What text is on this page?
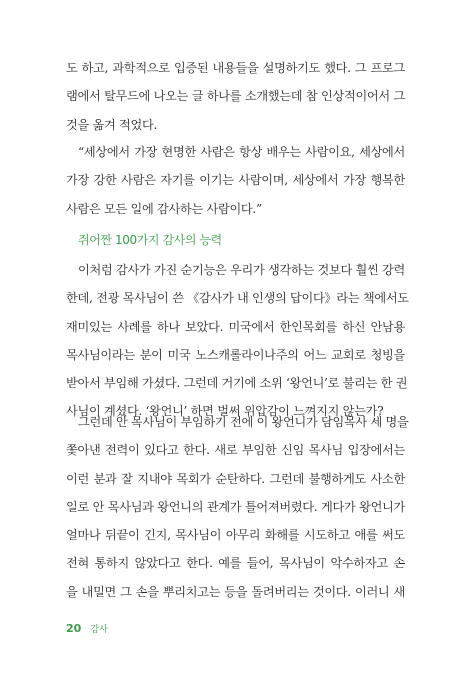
도 하고, 과학적으로 입증된 내용들을 설명하기도 했다. 그 프로그
램에서 탈무드에 나오는 글 하나를 소개했는데 참 인상적이어서 그
것을 옮겨 적었다.
“세상에서 가장 현명한 사람은 항상 배우는 사람이요, 세상에서
가장 강한 사람은 자기를 이기는 사람이며, 세상에서 가장 행복한
사람은 모든 일에 감사하는 사람이다.”
쥐어짠 100가지 감사의 능력
이처럼 감사가 가진 순기능은 우리가 생각하는 것보다 훨씬 강력
한데, 전광 목사님이 쓴 《감사가 내 인생의 답이다》라는 책에서도
재미있는 사례를 하나 보았다. 미국에서 한인목회를 하신 안남용
목사님이라는 분이 미국 노스캐롤라이나주의 어느 교회로 청빙을
받아서 부임해 가셨다. 그런데 거기에 소위 ‘왕언니’로 불리는 한 권
사님이 계셨다. ‘왕언니’ 하면 벌써 위압감이 느껴지지 않는가?
그런데 안 목사님이 부임하기 전에 이 왕언니가 담임목사 세 명을
쫓아낸 전력이 있다고 한다. 새로 부임한 신임 목사님 입장에서는
이런 분과 잘 지내야 목회가 순탄하다. 그런데 불행하게도 사소한
일로 안 목사님과 왕언니의 관계가 틀어져버렸다. 게다가 왕언니가
얼마나 뒤끝이 긴지, 목사님이 아무리 화해를 시도하고 애를 써도
전혀 통하지 않았다고 한다. 예를 들어, 목사님이 악수하자고 손
을 내밀면 그 손을 뿌리치고는 등을 돌려버리는 것이다. 이러니 새
20 감사
